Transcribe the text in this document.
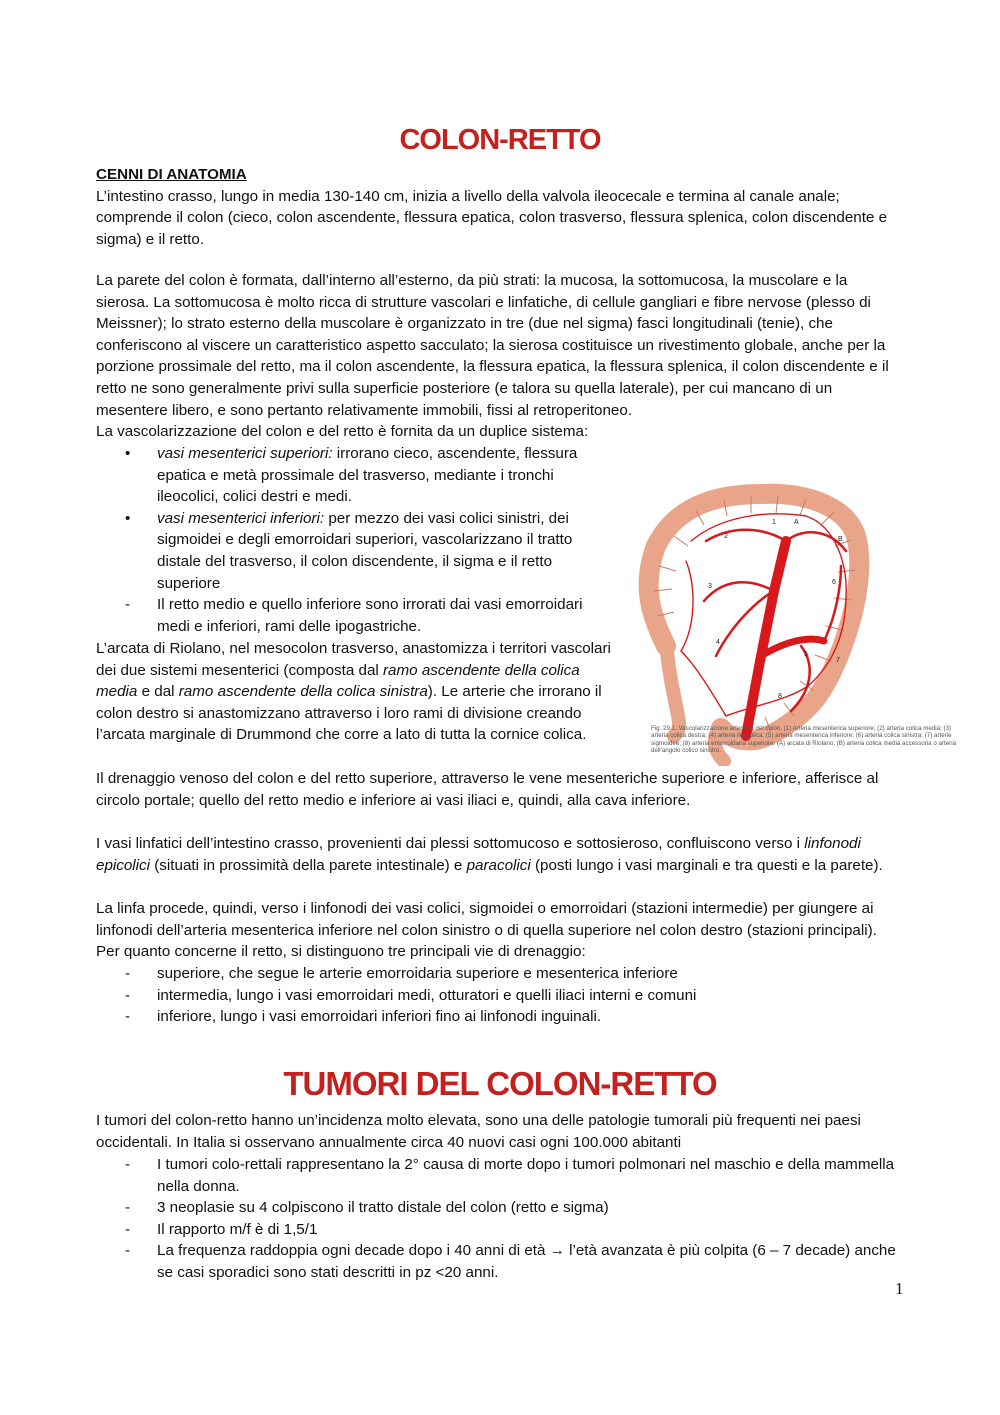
COLON-RETTO
CENNI DI ANATOMIA
L’intestino crasso, lungo in media 130-140 cm, inizia a livello della valvola ileocecale e termina al canale anale; comprende il colon (cieco, colon ascendente, flessura epatica, colon trasverso, flessura splenica, colon discendente e sigma) e il retto.
La parete del colon è formata, dall’interno all’esterno, da più strati: la mucosa, la sottomucosa, la muscolare e la sierosa. La sottomucosa è molto ricca di strutture vascolari e linfatiche, di cellule gangliari e fibre nervose (plesso di Meissner); lo strato esterno della muscolare è organizzato in tre (due nel sigma) fasci longitudinali (tenie), che conferiscono al viscere un caratteristico aspetto sacculato; la sierosa costituisce un rivestimento globale, anche per la porzione prossimale del retto, ma il colon ascendente, la flessura epatica, la flessura splenica, il colon discendente e il retto ne sono generalmente privi sulla superficie posteriore (e talora su quella laterale), per cui mancano di un mesentere libero, e sono pertanto relativamente immobili, fissi al retroperitoneo.
La vascolarizzazione del colon e del retto è fornita da un duplice sistema:
• vasi mesenterici superiori: irrorano cieco, ascendente, flessura epatica e metà prossimale del trasverso, mediante i tronchi ileocolici, colici destri e medi.
• vasi mesenterici inferiori: per mezzo dei vasi colici sinistri, dei sigmoidei e degli emorroidari superiori, vascolarizzano il tratto distale del trasverso, il colon discendente, il sigma e il retto superiore
- Il retto medio e quello inferiore sono irrorati dai vasi emorroidari medi e inferiori, rami delle ipogastriche.
L’arcata di Riolano, nel mesocolon trasverso, anastomizza i territori vascolari dei due sistemi mesenterici (composta dal ramo ascendente della colica media e dal ramo ascendente della colica sinistra). Le arterie che irrorano il colon destro si anastomizzano attraverso i loro rami di divisione creando l’arcata marginale di Drummond che corre a lato di tutta la cornice colica.
Il drenaggio venoso del colon e del retto superiore, attraverso le vene mesenteriche superiore e inferiore, afferisce al circolo portale; quello del retto medio e inferiore ai vasi iliaci e, quindi, alla cava inferiore.
I vasi linfatici dell’intestino crasso, provenienti dai plessi sottomucoso e sottosieroso, confluiscono verso i linfonodi epicolici (situati in prossimità della parete intestinale) e paracolici (posti lungo i vasi marginali e tra questi e la parete).
La linfa procede, quindi, verso i linfonodi dei vasi colici, sigmoidei o emorroidari (stazioni intermedie) per giungere ai linfonodi dell’arteria mesenterica inferiore nel colon sinistro o di quella superiore nel colon destro (stazioni principali). Per quanto concerne il retto, si distinguono tre principali vie di drenaggio:
- superiore, che segue le arterie emorroidaria superiore e mesenterica inferiore
- intermedia, lungo i vasi emorroidari medi, otturatori e quelli iliaci interni e comuni
- inferiore, lungo i vasi emorroidari inferiori fino ai linfonodi inguinali.
TUMORI DEL COLON-RETTO
I tumori del colon-retto hanno un’incidenza molto elevata, sono una delle patologie tumorali più frequenti nei paesi occidentali. In Italia si osservano annualmente circa 40 nuovi casi ogni 100.000 abitanti
- I tumori colo-rettali rappresentano la 2° causa di morte dopo i tumori polmonari nel maschio e della mammella nella donna.
- 3 neoplasie su 4 colpiscono il tratto distale del colon (retto e sigma)
- Il rapporto m/f è di 1,5/1
- La frequenza raddoppia ogni decade dopo i 40 anni di età → l’età avanzata è più colpita (6 – 7 decade) anche se casi sporadici sono stati descritti in pz <20 anni.
1
2
3
4
5
6
7
8
A
B
Fig. 29.1. Vascolarizzazione arteriosa del colon. (1) Arteria mesenterica superiore; (2) arteria colica media; (3) arteria colica destra; (4) arteria ileocolica; (5) arteria mesenterica inferiore; (6) arteria colica sinistra; (7) arterie sigmoidee; (8) arteria emorroidaria superiore; (A) arcata di Riolano; (B) arteria colica media accessoria o arteria dell'angolo colico sinistro.
1
